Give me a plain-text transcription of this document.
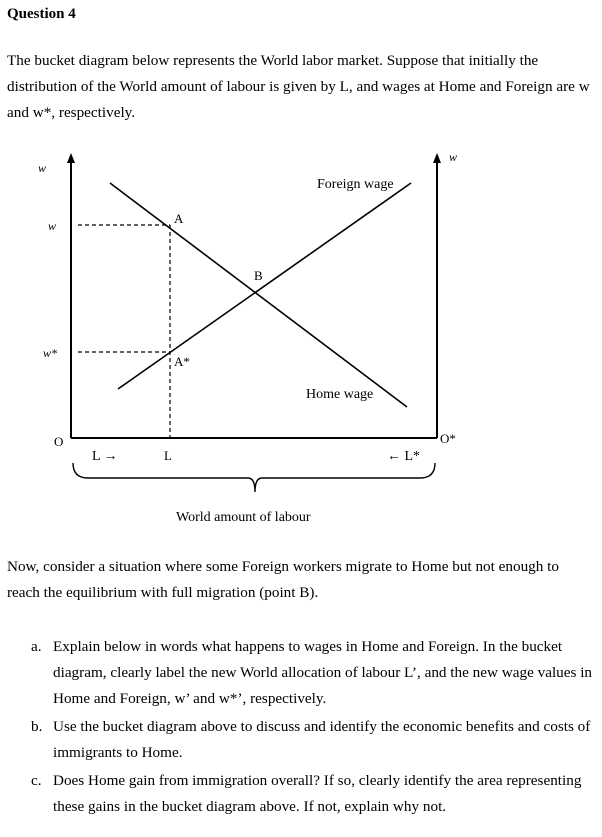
Question 4
The bucket diagram below represents the World labor market. Suppose that initially the distribution of the World amount of labour is given by L, and wages at Home and Foreign are w and w*, respectively.
w
w
w
w*
O	O*
A
A*
B
Foreign wage
Home wage
L →	L	← L*
World amount of labour
Now, consider a situation where some Foreign workers migrate to Home but not enough to reach the equilibrium with full migration (point B).
a. Explain below in words what happens to wages in Home and Foreign. In the bucket diagram, clearly label the new World allocation of labour L’, and the new wage values in Home and Foreign, w’ and w*’, respectively.
b. Use the bucket diagram above to discuss and identify the economic benefits and costs of immigrants to Home.
c. Does Home gain from immigration overall? If so, clearly identify the area representing these gains in the bucket diagram above. If not, explain why not.
